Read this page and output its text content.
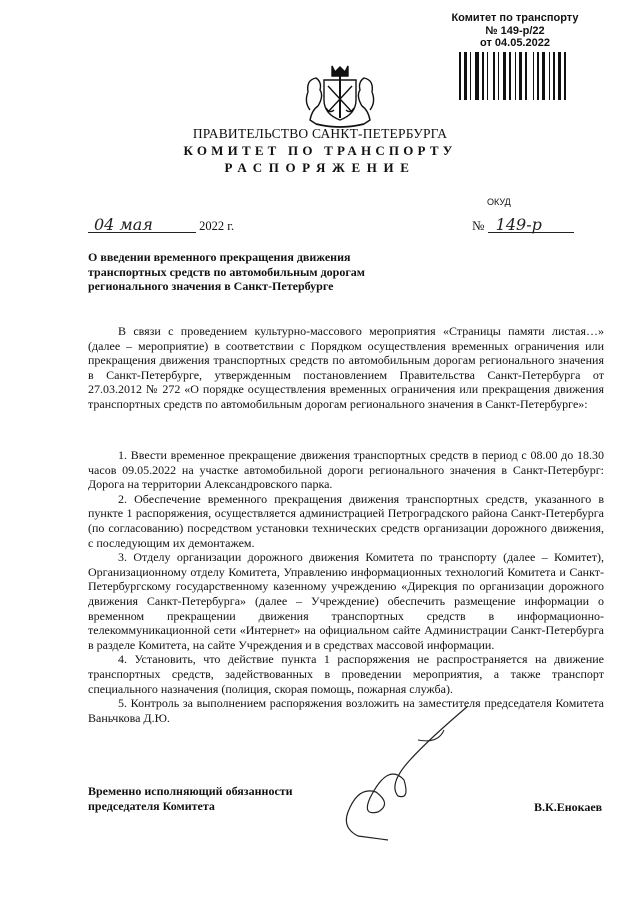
Комитет по транспорту
№ 149-р/22
от 04.05.2022
ПРАВИТЕЛЬСТВО САНКТ-ПЕТЕРБУРГА
КОМИТЕТ ПО ТРАНСПОРТУ
РАСПОРЯЖЕНИЕ
ОКУД
04 мая	2022 г.	№ 149-р
О введении временного прекращения движения транспортных средств по автомобильным дорогам регионального значения в Санкт-Петербурге

В связи с проведением культурно-массового мероприятия «Страницы памяти листая…» (далее – мероприятие) в соответствии с Порядком осуществления временных ограничения или прекращения движения транспортных средств по автомобильным дорогам регионального значения в Санкт-Петербурге, утвержденным постановлением Правительства Санкт-Петербурга от 27.03.2012 № 272 «О порядке осуществления временных ограничения или прекращения движения транспортных средств по автомобильным дорогам регионального значения в Санкт-Петербурге»:

1. Ввести временное прекращение движения транспортных средств в период с 08.00 до 18.30 часов 09.05.2022 на участке автомобильной дороги регионального значения в Санкт-Петербург: Дорога на территории Александровского парка.

2. Обеспечение временного прекращения движения транспортных средств, указанного в пункте 1 распоряжения, осуществляется администрацией Петроградского района Санкт-Петербурга (по согласованию) посредством установки технических средств организации дорожного движения, с последующим их демонтажем.

3. Отделу организации дорожного движения Комитета по транспорту (далее – Комитет), Организационному отделу Комитета, Управлению информационных технологий Комитета и Санкт-Петербургскому государственному казенному учреждению «Дирекция по организации дорожного движения Санкт-Петербурга» (далее – Учреждение) обеспечить размещение информации о временном прекращении движения транспортных средств в информационно-телекоммуникационной сети «Интернет» на официальном сайте Администрации Санкт-Петербурга в разделе Комитета, на сайте Учреждения и в средствах массовой информации.

4. Установить, что действие пункта 1 распоряжения не распространяется на движение транспортных средств, задействованных в проведении мероприятия, а также транспорт специального назначения (полиция, скорая помощь, пожарная служба).

5. Контроль за выполнением распоряжения возложить на заместителя председателя Комитета Ваньчкова Д.Ю.

Временно исполняющий обязанности
председателя Комитета	В.К.Енокаев
